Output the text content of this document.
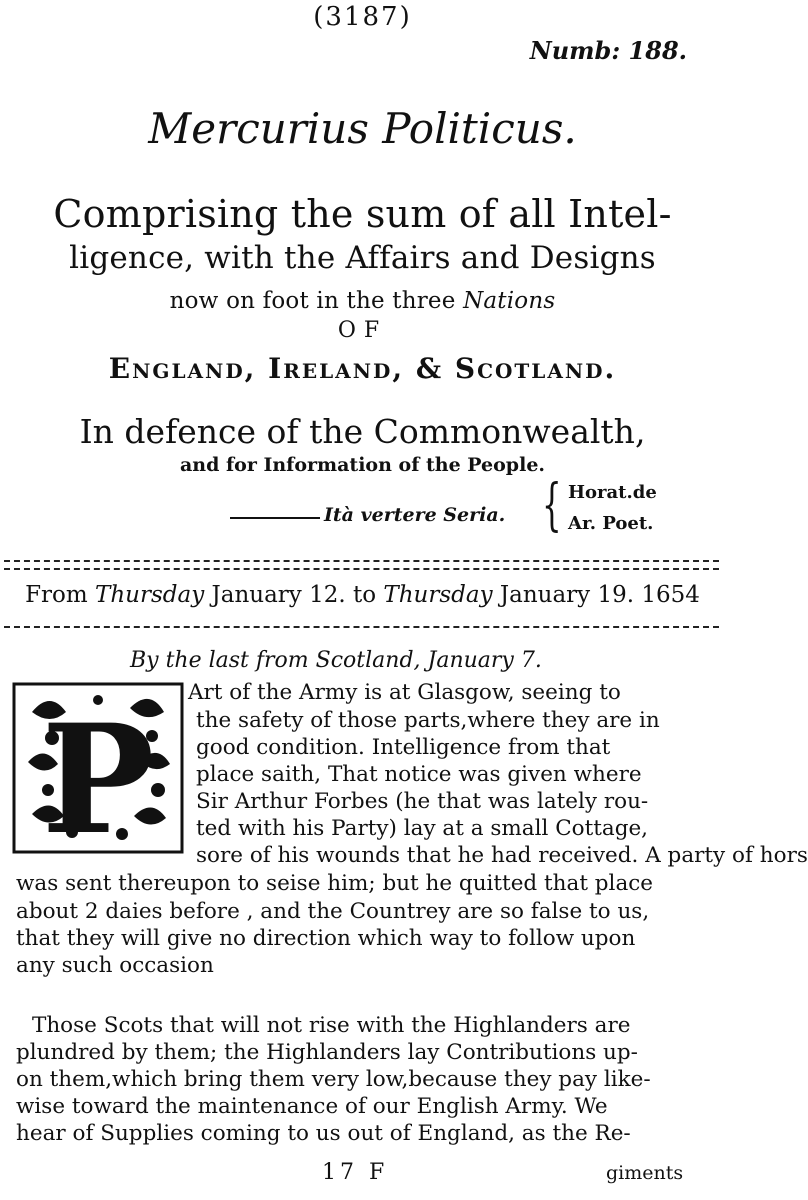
(3187)
Numb: 188.
Mercurius Politicus.
Comprising the sum of all Intel-
ligence, with the Affairs and Designs
now on foot in the three Nations
OF
England, Ireland, & Scotland.
In defence of the Commonwealth,
and for Information of the People.
Ità vertere Seria. { Horat.de
Ar. Poet.
From Thursday January 12. to Thursday January 19. 1654
By the last from Scotland, January 7.
P Art of the Army is at Glasgow, seeing to
the safety of those parts,where they are in
good condition. Intelligence from that
place saith, That notice was given where
Sir Arthur Forbes (he that was lately rou-
ted with his Party) lay at a small Cottage,
sore of his wounds that he had received. A party of hors
was sent thereupon to seise him; but he quitted that place
about 2 daies before , and the Countrey are so false to us,
that they will give no direction which way to follow upon
any such occasion
Those Scots that will not rise with the Highlanders are
plundred by them; the Highlanders lay Contributions up-
on them,which bring them very low,because they pay like-
wise toward the maintenance of our English Army. We
hear of Supplies coming to us out of England, as the Re-
17 F	giments
